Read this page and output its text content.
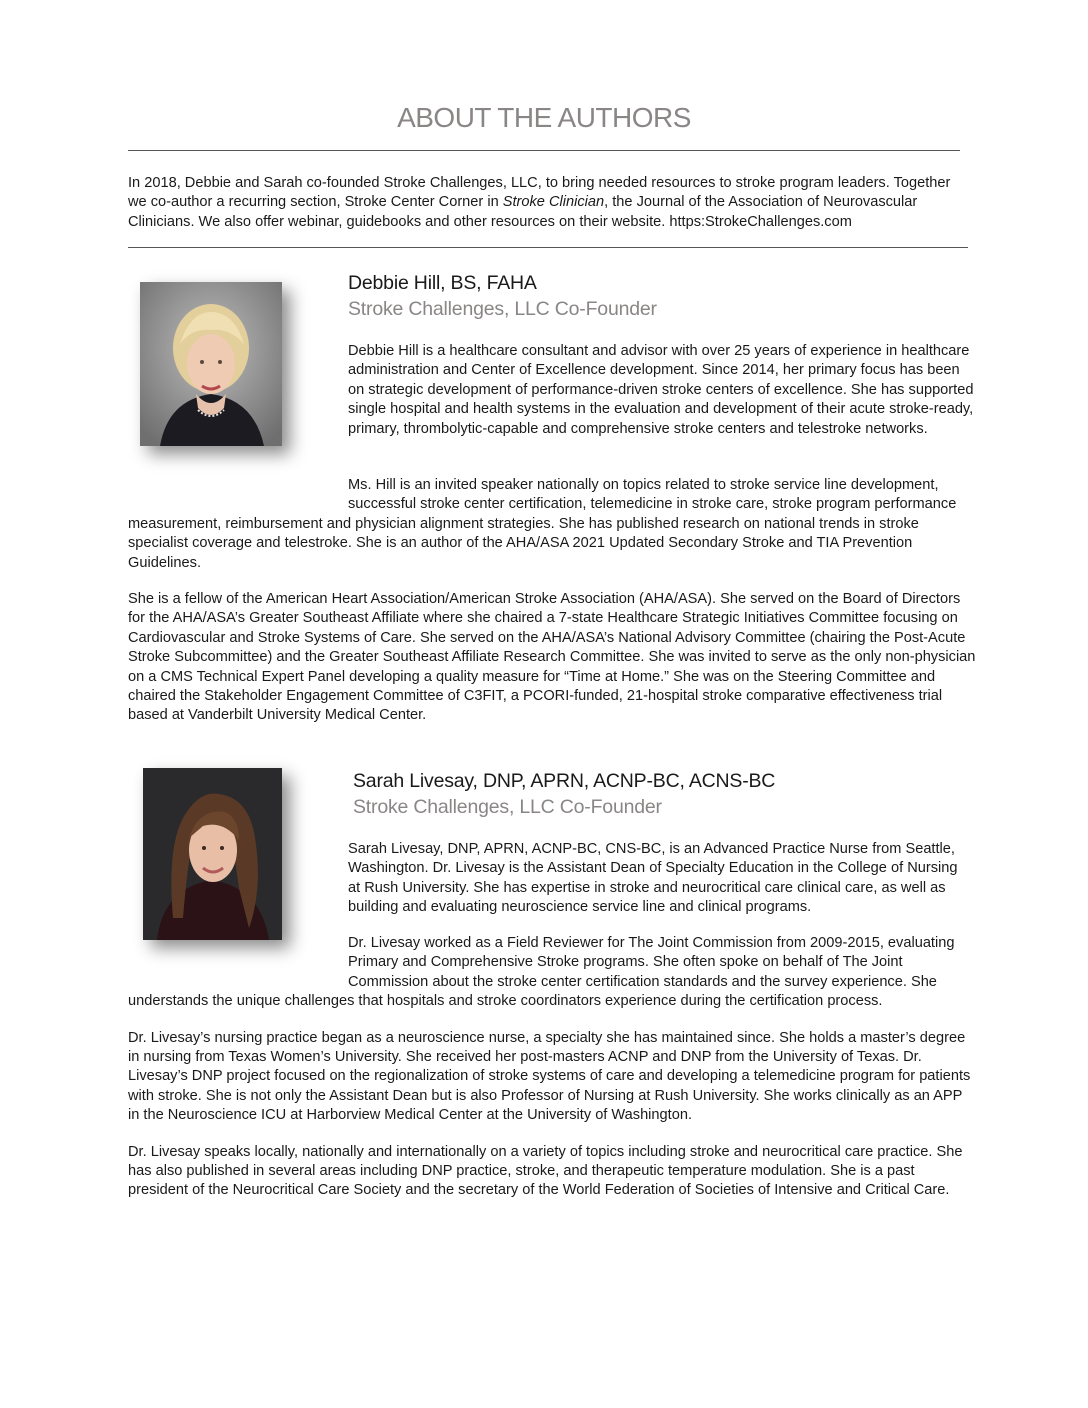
ABOUT THE AUTHORS

In 2018, Debbie and Sarah co-founded Stroke Challenges, LLC, to bring needed resources to stroke program leaders. Together we co-author a recurring section, Stroke Center Corner in Stroke Clinician, the Journal of the Association of Neurovascular Clinicians. We also offer webinar, guidebooks and other resources on their website. https:StrokeChallenges.com

Debbie Hill, BS, FAHA
Stroke Challenges, LLC Co-Founder

Debbie Hill is a healthcare consultant and advisor with over 25 years of experience in healthcare administration and Center of Excellence development. Since 2014, her primary focus has been on strategic development of performance-driven stroke centers of excellence. She has supported single hospital and health systems in the evaluation and development of their acute stroke-ready, primary, thrombolytic-capable and comprehensive stroke centers and telestroke networks.

Ms. Hill is an invited speaker nationally on topics related to stroke service line development, successful stroke center certification, telemedicine in stroke care, stroke program performance measurement, reimbursement and physician alignment strategies. She has published research on national trends in stroke specialist coverage and telestroke. She is an author of the AHA/ASA 2021 Updated Secondary Stroke and TIA Prevention Guidelines.

She is a fellow of the American Heart Association/American Stroke Association (AHA/ASA). She served on the Board of Directors for the AHA/ASA’s Greater Southeast Affiliate where she chaired a 7-state Healthcare Strategic Initiatives Committee focusing on Cardiovascular and Stroke Systems of Care. She served on the AHA/ASA’s National Advisory Committee (chairing the Post-Acute Stroke Subcommittee) and the Greater Southeast Affiliate Research Committee. She was invited to serve as the only non-physician on a CMS Technical Expert Panel developing a quality measure for “Time at Home.” She was on the Steering Committee and chaired the Stakeholder Engagement Committee of C3FIT, a PCORI-funded, 21-hospital stroke comparative effectiveness trial based at Vanderbilt University Medical Center.

Sarah Livesay, DNP, APRN, ACNP-BC, ACNS-BC
Stroke Challenges, LLC Co-Founder

Sarah Livesay, DNP, APRN, ACNP-BC, CNS-BC, is an Advanced Practice Nurse from Seattle, Washington. Dr. Livesay is the Assistant Dean of Specialty Education in the College of Nursing at Rush University. She has expertise in stroke and neurocritical care clinical care, as well as building and evaluating neuroscience service line and clinical programs.

Dr. Livesay worked as a Field Reviewer for The Joint Commission from 2009-2015, evaluating Primary and Comprehensive Stroke programs. She often spoke on behalf of The Joint Commission about the stroke center certification standards and the survey experience. She understands the unique challenges that hospitals and stroke coordinators experience during the certification process.

Dr. Livesay’s nursing practice began as a neuroscience nurse, a specialty she has maintained since. She holds a master’s degree in nursing from Texas Women’s University. She received her post-masters ACNP and DNP from the University of Texas. Dr. Livesay’s DNP project focused on the regionalization of stroke systems of care and developing a telemedicine program for patients with stroke. She is not only the Assistant Dean but is also Professor of Nursing at Rush University. She works clinically as an APP in the Neuroscience ICU at Harborview Medical Center at the University of Washington.

Dr. Livesay speaks locally, nationally and internationally on a variety of topics including stroke and neurocritical care practice. She has also published in several areas including DNP practice, stroke, and therapeutic temperature modulation. She is a past president of the Neurocritical Care Society and the secretary of the World Federation of Societies of Intensive and Critical Care.
